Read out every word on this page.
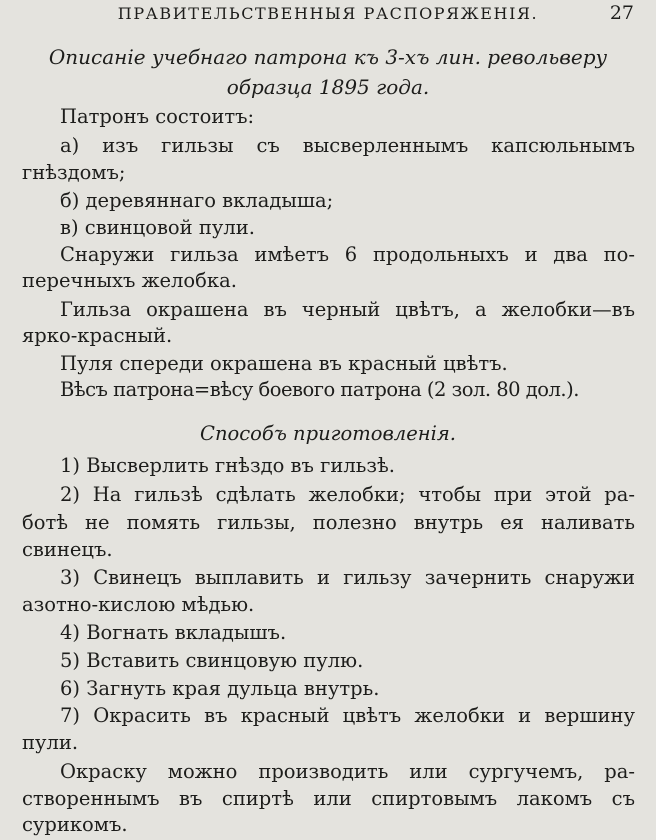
ПРАВИТЕЛЬСТВЕННЫЯ РАСПОРЯЖЕНІЯ.	27
Описаніе учебнаго патрона къ 3-хъ лин. револьверу
образца 1895 года.
Патронъ состоитъ:
а) изъ гильзы съ высверленнымъ капсюльнымъ
гнѣздомъ;
б) деревяннаго вкладыша;
в) свинцовой пули.
Снаружи гильза имѣетъ 6 продольныхъ и два по-
перечныхъ желобка.
Гильза окрашена въ черный цвѣтъ, а желобки—въ
ярко-красный.
Пуля спереди окрашена въ красный цвѣтъ.
Вѣсъ патрона=вѣсу боевого патрона (2 зол. 80 дол.).
Способъ приготовленія.
1) Высверлить гнѣздо въ гильзѣ.
2) На гильзѣ сдѣлать желобки; чтобы при этой ра-
ботѣ не помять гильзы, полезно внутрь ея наливать
свинецъ.
3) Свинецъ выплавить и гильзу зачернить снаружи
азотно-кислою мѣдью.
4) Вогнать вкладышъ.
5) Вставить свинцовую пулю.
6) Загнуть края дульца внутрь.
7) Окрасить въ красный цвѣтъ желобки и вершину
пули.
Окраску можно производить или сургучемъ, ра-
створеннымъ въ спиртѣ или спиртовымъ лакомъ съ
сурикомъ.
